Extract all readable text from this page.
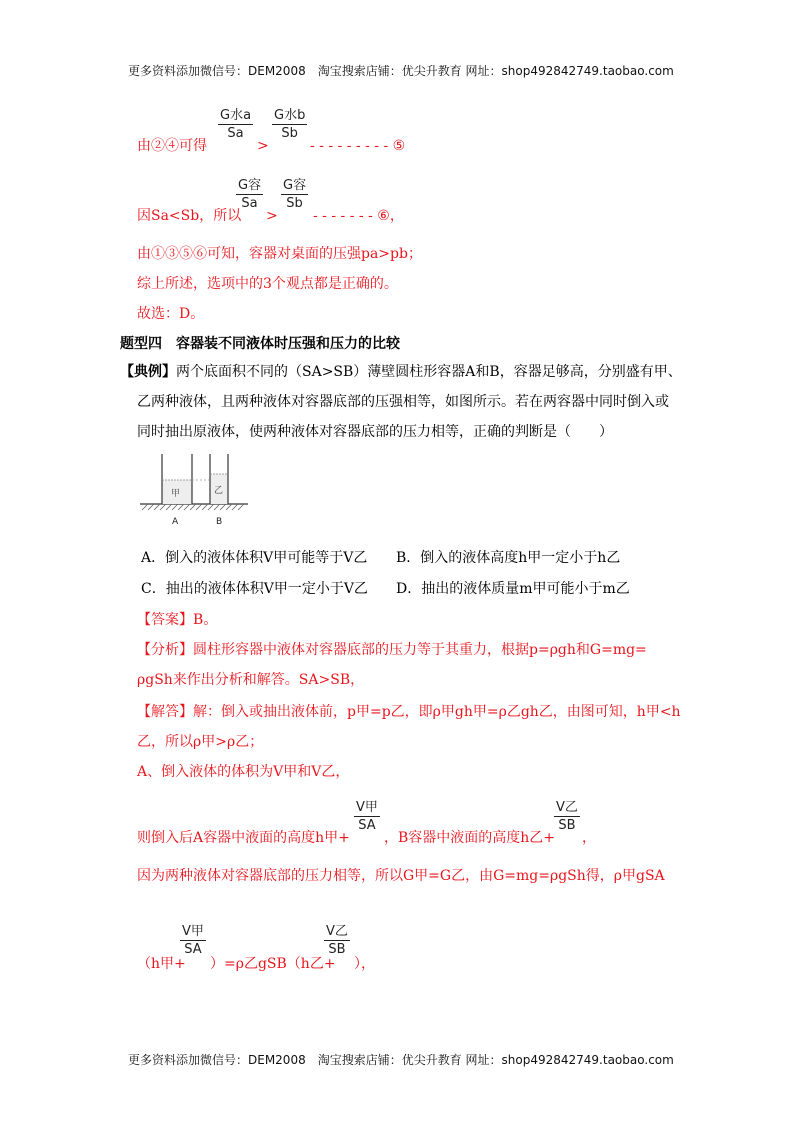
更多资料添加微信号：DEM2008　淘宝搜索店铺：优尖升教育 网址：shop492842749.taobao.com
G水a
Sa
G水b
Sb
由②④可得	>	- - - - - - - - - ⑤
G容
Sa
G容
Sb
因Sa<Sb，所以 >	- - - - - - - ⑥，
由①③⑤⑥可知，容器对桌面的压强pa>pb；
综上所述，选项中的3个观点都是正确的。
故选：D。
题型四　容器装不同液体时压强和压力的比较
【典例】两个底面积不同的（SA>SB）薄壁圆柱形容器A和B，容器足够高，分别盛有甲、
乙两种液体，且两种液体对容器底部的压强相等，如图所示。若在两容器中同时倒入或
同时抽出原液体，使两种液体对容器底部的压力相等，正确的判断是（　　）
甲	乙
A	B
A．倒入的液体体积V甲可能等于V乙 B．倒入的液体高度h甲一定小于h乙
C．抽出的液体体积V甲一定小于V乙 D．抽出的液体质量m甲可能小于m乙
【答案】B。
【分析】圆柱形容器中液体对容器底部的压力等于其重力，根据p=ρgh和G=mg=
ρgSh来作出分析和解答。SA>SB，
【解答】解：倒入或抽出液体前，p甲=p乙，即ρ甲gh甲=ρ乙gh乙，由图可知，h甲<h
乙，所以ρ甲>ρ乙；
A、倒入液体的体积为V甲和V乙，
V甲
SA
V乙
SB
则倒入后A容器中液面的高度h甲+ ，B容器中液面的高度h乙+ ，
因为两种液体对容器底部的压力相等，所以G甲=G乙，由G=mg=ρgSh得，ρ甲gSA
V甲
SA
V乙
SB
（h甲+ ）=ρ乙gSB（h乙+ ），
更多资料添加微信号：DEM2008　淘宝搜索店铺：优尖升教育 网址：shop492842749.taobao.com
